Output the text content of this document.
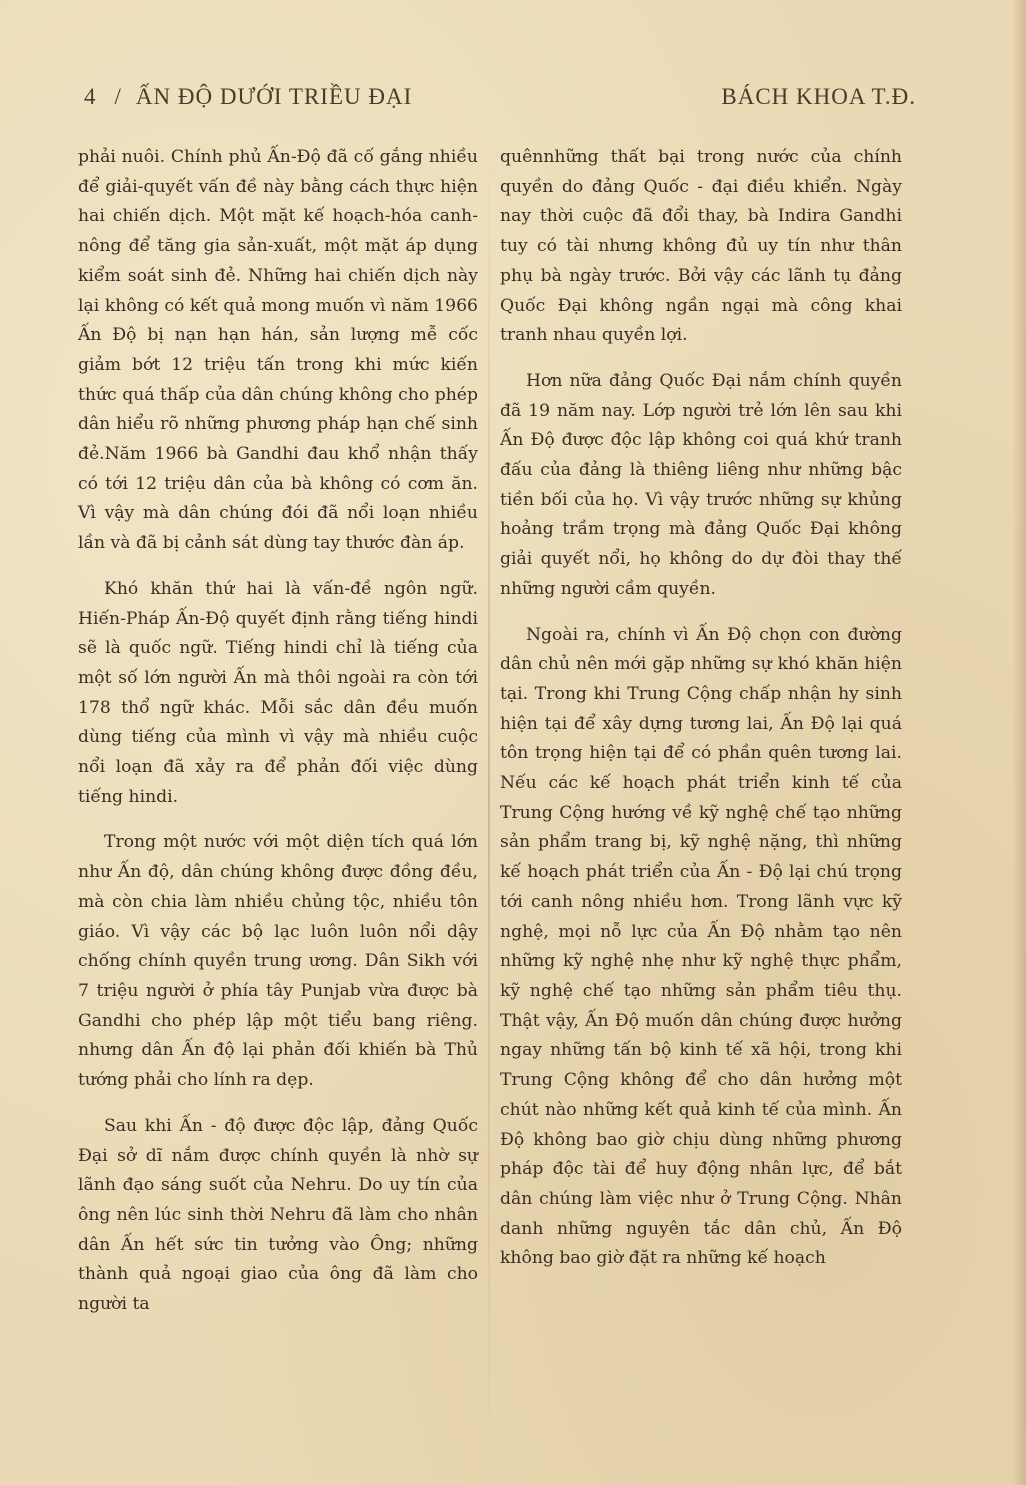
4 / ẤN ĐỘ DƯỚI TRIỀU ĐẠI	BÁCH KHOA T.Đ.

phải nuôi. Chính phủ Ấn-Độ đã cố gắng nhiều để giải-quyết vấn đề này bằng cách thực hiện hai chiến dịch. Một mặt kế hoạch-hóa canh-nông để tăng gia sản-xuất, một mặt áp dụng kiểm soát sinh đẻ. Những hai chiến dịch này lại không có kết quả mong muốn vì năm 1966 Ấn Độ bị nạn hạn hán, sản lượng mễ cốc giảm bớt 12 triệu tấn trong khi mức kiến thức quá thấp của dân chúng không cho phép dân hiểu rõ những phương pháp hạn chế sinh đẻ.Năm 1966 bà Gandhi đau khổ nhận thấy có tới 12 triệu dân của bà không có cơm ăn. Vì vậy mà dân chúng đói đã nổi loạn nhiều lần và đã bị cảnh sát dùng tay thước đàn áp.

Khó khăn thứ hai là vấn-đề ngôn ngữ. Hiến-Pháp Ấn-Độ quyết định rằng tiếng hindi sẽ là quốc ngữ. Tiếng hindi chỉ là tiếng của một số lớn người Ấn mà thôi ngoài ra còn tới 178 thổ ngữ khác. Mỗi sắc dân đều muốn dùng tiếng của mình vì vậy mà nhiều cuộc nổi loạn đã xảy ra để phản đối việc dùng tiếng hindi.

Trong một nước với một diện tích quá lớn như Ấn độ, dân chúng không được đồng đều, mà còn chia làm nhiều chủng tộc, nhiều tôn giáo. Vì vậy các bộ lạc luôn luôn nổi dậy chống chính quyền trung ương. Dân Sikh với 7 triệu người ở phía tây Punjab vừa được bà Gandhi cho phép lập một tiểu bang riêng. nhưng dân Ấn độ lại phản đối khiến bà Thủ tướng phải cho lính ra dẹp.

Sau khi Ấn - độ được độc lập, đảng Quốc Đại sở dĩ nắm được chính quyền là nhờ sự lãnh đạo sáng suốt của Nehru. Do uy tín của ông nên lúc sinh thời Nehru đã làm cho nhân dân Ấn hết sức tin tưởng vào Ông; những thành quả ngoại giao của ông đã làm cho người ta

quênnhững thất bại trong nước của chính quyền do đảng Quốc - đại điều khiển. Ngày nay thời cuộc đã đổi thay, bà Indira Gandhi tuy có tài nhưng không đủ uy tín như thân phụ bà ngày trước. Bởi vậy các lãnh tụ đảng Quốc Đại không ngần ngại mà công khai tranh nhau quyền lợi.

Hơn nữa đảng Quốc Đại nắm chính quyền đã 19 năm nay. Lớp người trẻ lớn lên sau khi Ấn Độ được độc lập không coi quá khứ tranh đấu của đảng là thiêng liêng như những bậc tiền bối của họ. Vì vậy trước những sự khủng hoảng trầm trọng mà đảng Quốc Đại không giải quyết nổi, họ không do dự đòi thay thế những người cầm quyền.

Ngoài ra, chính vì Ấn Độ chọn con đường dân chủ nên mới gặp những sự khó khăn hiện tại. Trong khi Trung Cộng chấp nhận hy sinh hiện tại để xây dựng tương lai, Ấn Độ lại quá tôn trọng hiện tại để có phần quên tương lai. Nếu các kế hoạch phát triển kinh tế của Trung Cộng hướng về kỹ nghệ chế tạo những sản phẩm trang bị, kỹ nghệ nặng, thì những kế hoạch phát triển của Ấn - Độ lại chú trọng tới canh nông nhiều hơn. Trong lãnh vực kỹ nghệ, mọi nỗ lực của Ấn Độ nhằm tạo nên những kỹ nghệ nhẹ như kỹ nghệ thực phẩm, kỹ nghệ chế tạo những sản phẩm tiêu thụ. Thật vậy, Ấn Độ muốn dân chúng được hưởng ngay những tấn bộ kinh tế xã hội, trong khi Trung Cộng không để cho dân hưởng một chút nào những kết quả kinh tế của mình. Ấn Độ không bao giờ chịu dùng những phương pháp độc tài để huy động nhân lực, để bắt dân chúng làm việc như ở Trung Cộng. Nhân danh những nguyên tắc dân chủ, Ấn Độ không bao giờ đặt ra những kế hoạch
